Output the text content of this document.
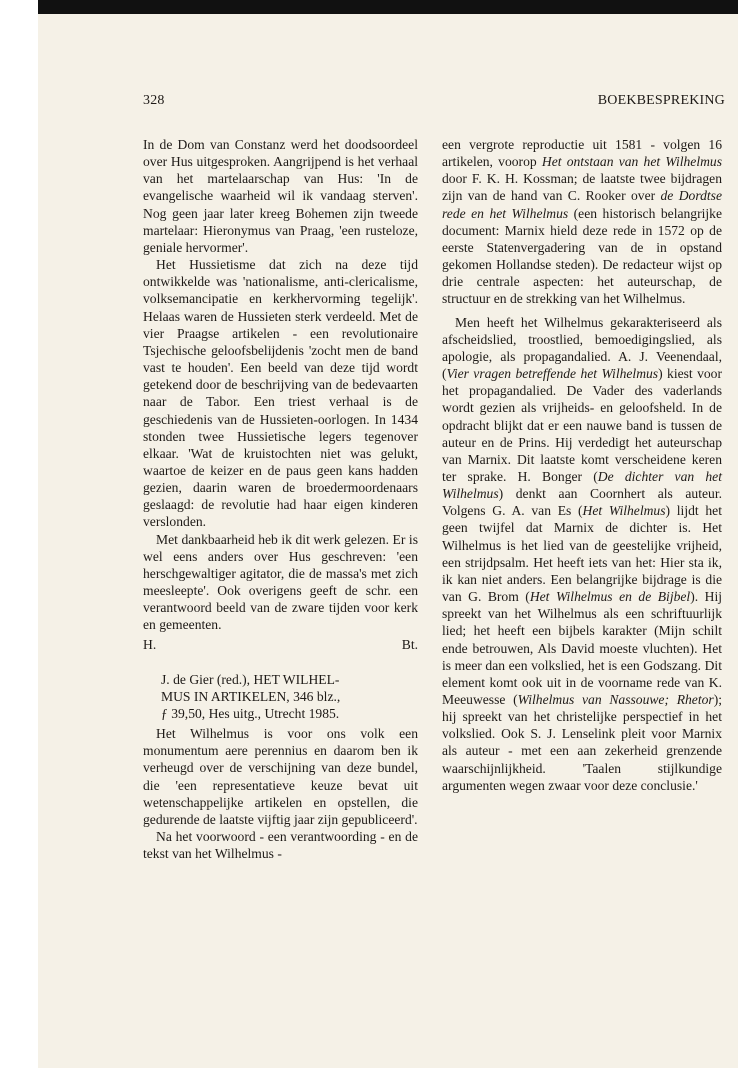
328	BOEKBESPREKING

In de Dom van Constanz werd het doodsoordeel over Hus uitgesproken. Aangrijpend is het verhaal van het martelaarschap van Hus: 'In de evangelische waarheid wil ik vandaag sterven'. Nog geen jaar later kreeg Bohemen zijn tweede martelaar: Hieronymus van Praag, 'een rusteloze, geniale hervormer'.

Het Hussietisme dat zich na deze tijd ontwikkelde was 'nationalisme, anti-clericalisme, volksemancipatie en kerkhervorming tegelijk'. Helaas waren de Hussieten sterk verdeeld. Met de vier Praagse artikelen - een revolutionaire Tsjechische geloofsbelijdenis 'zocht men de band vast te houden'. Een beeld van deze tijd wordt getekend door de beschrijving van de bedevaarten naar de Tabor. Een triest verhaal is de geschiedenis van de Hussieten-oorlogen. In 1434 stonden twee Hussietische legers tegenover elkaar. 'Wat de kruistochten niet was gelukt, waartoe de keizer en de paus geen kans hadden gezien, daarin waren de broedermoordenaars geslaagd: de revolutie had haar eigen kinderen verslonden.

Met dankbaarheid heb ik dit werk gelezen. Er is wel eens anders over Hus geschreven: 'een herschgewaltiger agitator, die de massa's met zich meesleepte'. Ook overigens geeft de schr. een verantwoord beeld van de zware tijden voor kerk en gemeenten.

H.	Bt.
J. de Gier (red.), HET WILHEL-
MUS IN ARTIKELEN, 346 blz.,
ƒ 39,50, Hes uitg., Utrecht 1985.

Het Wilhelmus is voor ons volk een monumentum aere perennius en daarom ben ik verheugd over de verschijning van deze bundel, die 'een representatieve keuze bevat uit wetenschappelijke artikelen en opstellen, die gedurende de laatste vijftig jaar zijn gepubliceerd'.

Na het voorwoord - een verantwoording - en de tekst van het Wilhelmus -

een vergrote reproductie uit 1581 - volgen 16 artikelen, voorop Het ontstaan van het Wilhelmus door F. K. H. Kossman; de laatste twee bijdragen zijn van de hand van C. Rooker over de Dordtse rede en het Wilhelmus (een historisch belangrijke document: Marnix hield deze rede in 1572 op de eerste Statenvergadering van de in opstand gekomen Hollandse steden). De redacteur wijst op drie centrale aspecten: het auteurschap, de structuur en de strekking van het Wilhelmus.

Men heeft het Wilhelmus gekarakteriseerd als afscheidslied, troostlied, bemoedigingslied, als apologie, als propagandalied. A. J. Veenendaal, (Vier vragen betreffende het Wilhelmus) kiest voor het propagandalied. De Vader des vaderlands wordt gezien als vrijheids- en geloofsheld. In de opdracht blijkt dat er een nauwe band is tussen de auteur en de Prins. Hij verdedigt het auteurschap van Marnix. Dit laatste komt verscheidene keren ter sprake. H. Bonger (De dichter van het Wilhelmus) denkt aan Coornhert als auteur. Volgens G. A. van Es (Het Wilhelmus) lijdt het geen twijfel dat Marnix de dichter is. Het Wilhelmus is het lied van de geestelijke vrijheid, een strijdpsalm. Het heeft iets van het: Hier sta ik, ik kan niet anders. Een belangrijke bijdrage is die van G. Brom (Het Wilhelmus en de Bijbel). Hij spreekt van het Wilhelmus als een schriftuurlijk lied; het heeft een bijbels karakter (Mijn schilt ende betrouwen, Als David moeste vluchten). Het is meer dan een volkslied, het is een Godszang. Dit element komt ook uit in de voorname rede van K. Meeuwesse (Wilhelmus van Nassouwe; Rhetor); hij spreekt van het christelijke perspectief in het volkslied. Ook S. J. Lenselink pleit voor Marnix als auteur - met een aan zekerheid grenzende waarschijnlijkheid. 'Taalen stijlkundige argumenten wegen zwaar voor deze conclusie.'
